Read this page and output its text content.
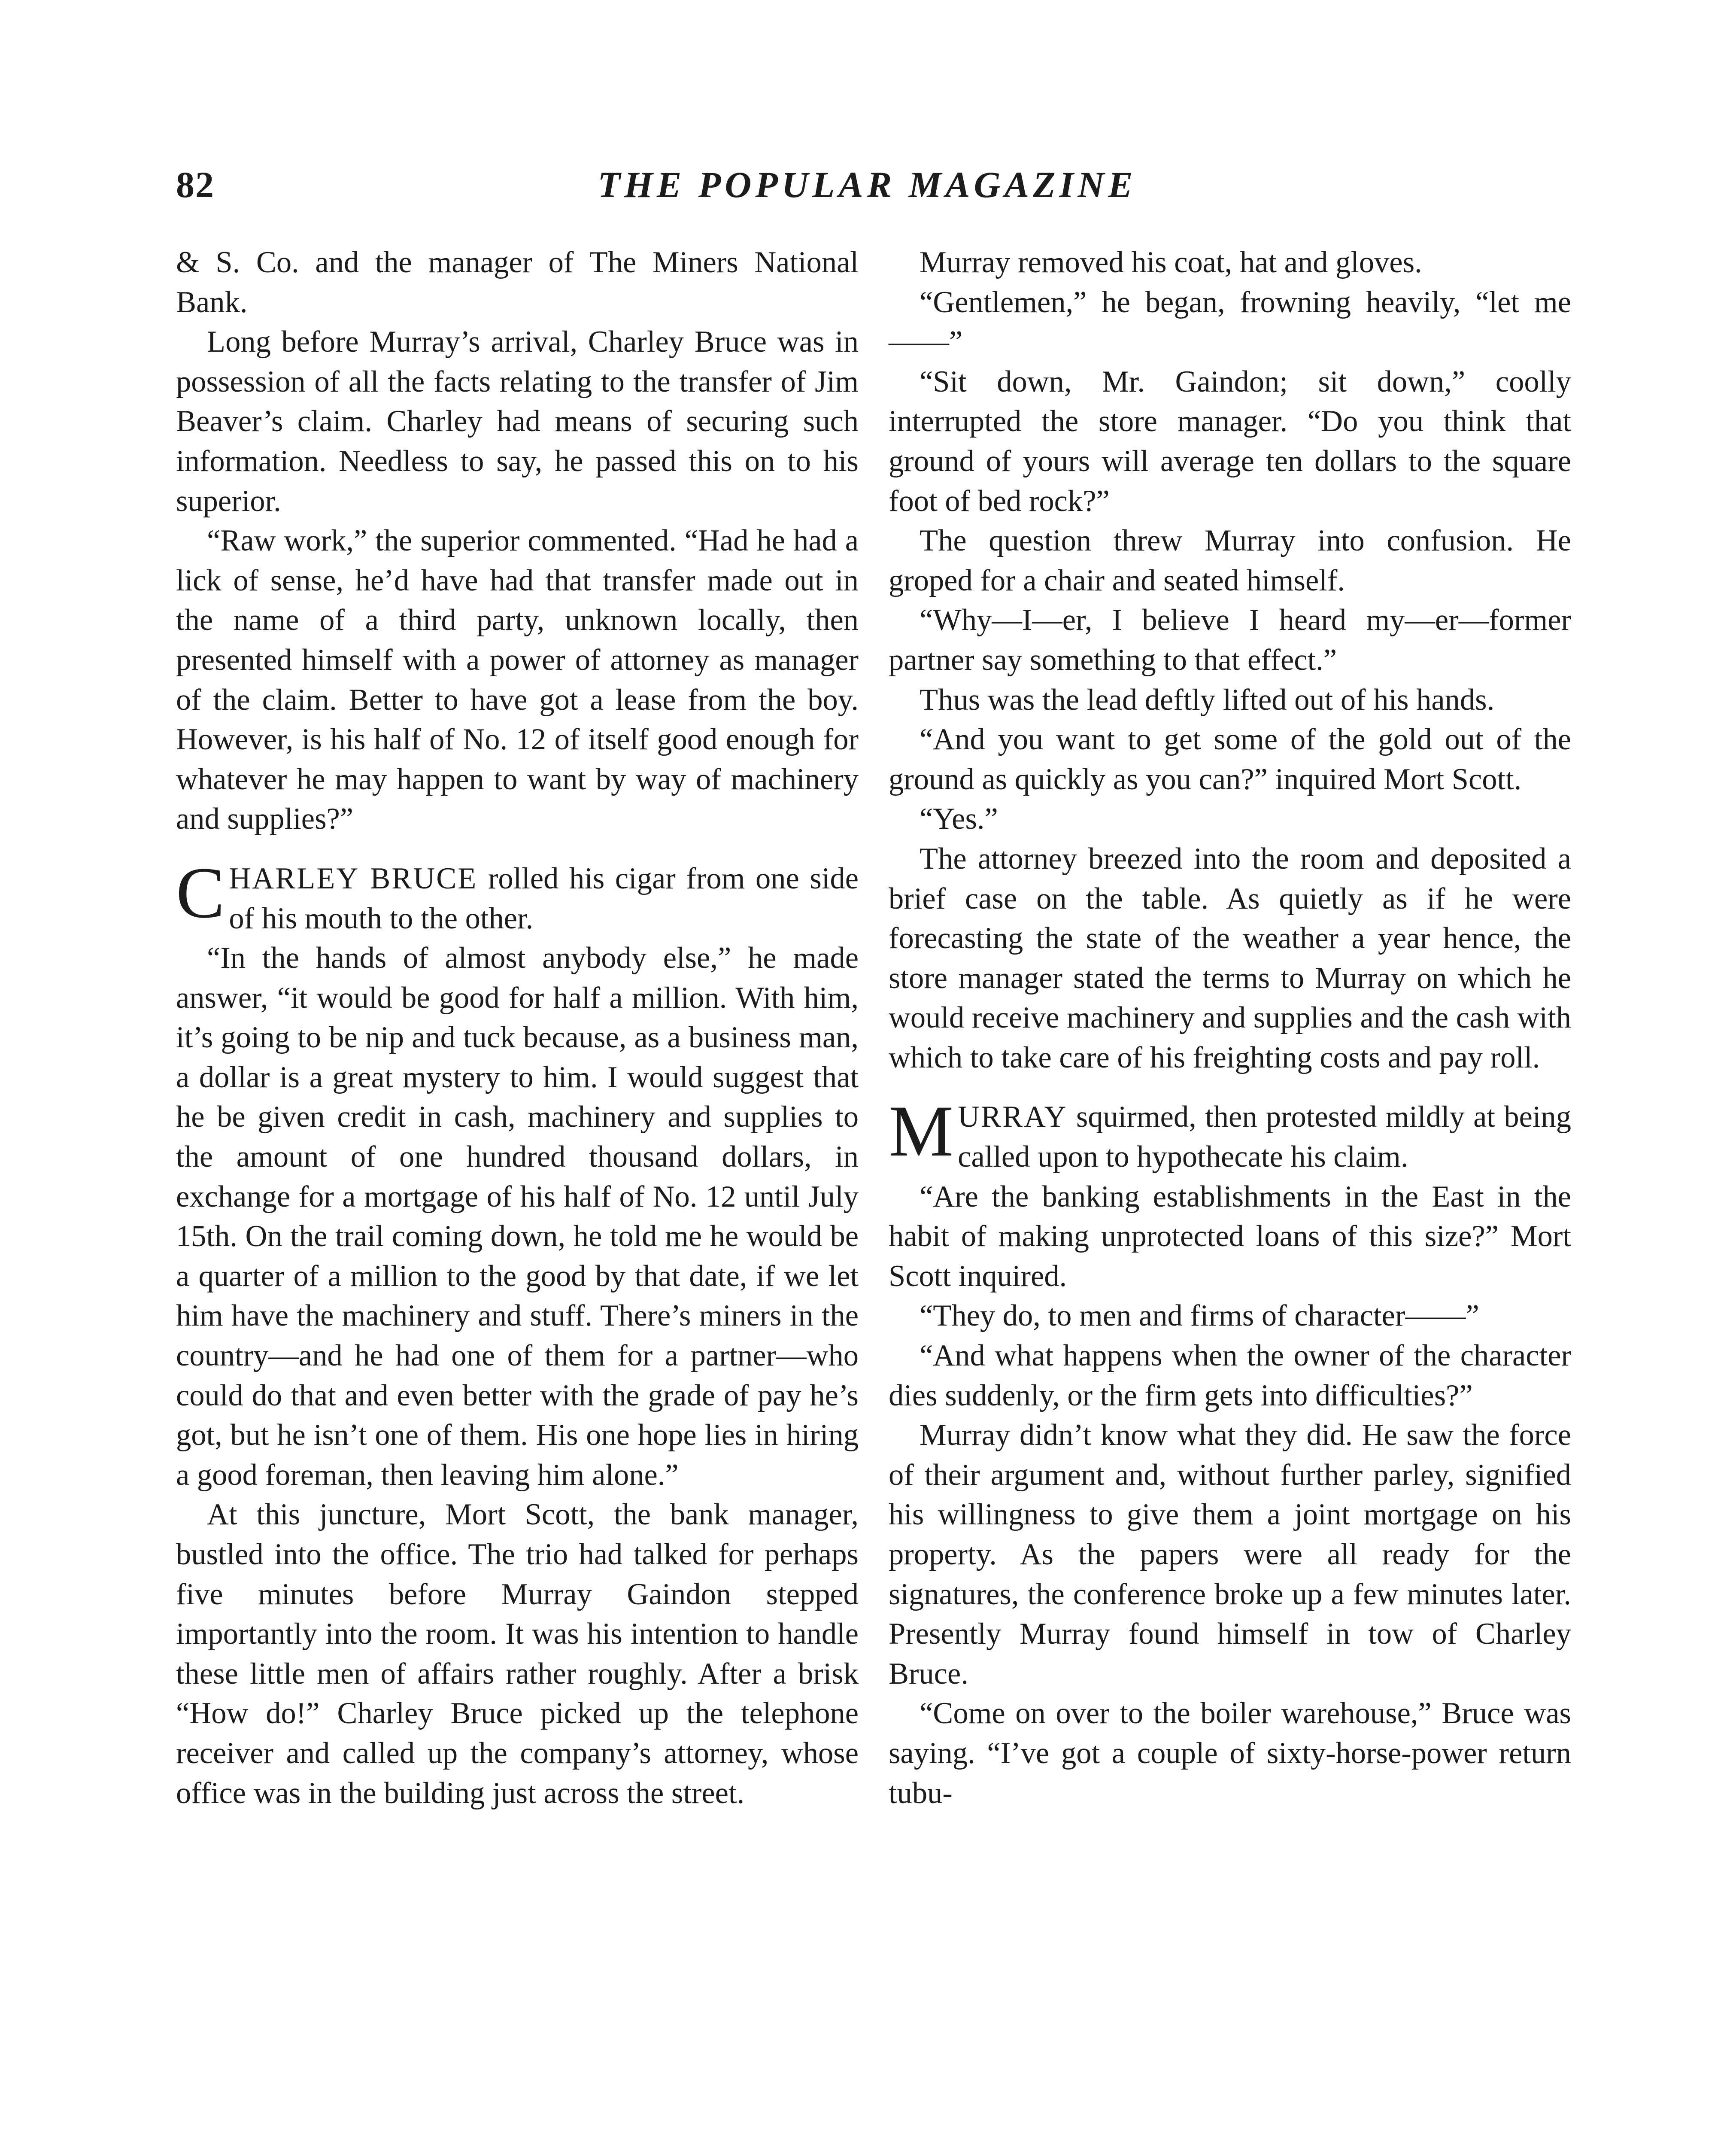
82	THE POPULAR MAGAZINE

& S. Co. and the manager of The Miners National Bank.

Long before Murray’s arrival, Charley Bruce was in possession of all the facts relating to the transfer of Jim Beaver’s claim. Charley had means of securing such information. Needless to say, he passed this on to his superior.

“Raw work,” the superior commented. “Had he had a lick of sense, he’d have had that transfer made out in the name of a third party, unknown locally, then presented himself with a power of attorney as manager of the claim. Better to have got a lease from the boy. However, is his half of No. 12 of itself good enough for whatever he may happen to want by way of machinery and supplies?”

CHARLEY BRUCE rolled his cigar from one side of his mouth to the other.

“In the hands of almost anybody else,” he made answer, “it would be good for half a million. With him, it’s going to be nip and tuck because, as a business man, a dollar is a great mystery to him. I would suggest that he be given credit in cash, machinery and supplies to the amount of one hundred thousand dollars, in exchange for a mortgage of his half of No. 12 until July 15th. On the trail coming down, he told me he would be a quarter of a million to the good by that date, if we let him have the machinery and stuff. There’s miners in the country—and he had one of them for a partner—who could do that and even better with the grade of pay he’s got, but he isn’t one of them. His one hope lies in hiring a good foreman, then leaving him alone.”

At this juncture, Mort Scott, the bank manager, bustled into the office. The trio had talked for perhaps five minutes before Murray Gaindon stepped importantly into the room. It was his intention to handle these little men of affairs rather roughly. After a brisk “How do!” Charley Bruce picked up the telephone receiver and called up the company’s attorney, whose office was in the building just across the street.

Murray removed his coat, hat and gloves.

“Gentlemen,” he began, frowning heavily, “let me——”

“Sit down, Mr. Gaindon; sit down,” coolly interrupted the store manager. “Do you think that ground of yours will average ten dollars to the square foot of bed rock?”

The question threw Murray into confusion. He groped for a chair and seated himself.

“Why—I—er, I believe I heard my—er—former partner say something to that effect.”

Thus was the lead deftly lifted out of his hands.

“And you want to get some of the gold out of the ground as quickly as you can?” inquired Mort Scott.

“Yes.”

The attorney breezed into the room and deposited a brief case on the table. As quietly as if he were forecasting the state of the weather a year hence, the store manager stated the terms to Murray on which he would receive machinery and supplies and the cash with which to take care of his freighting costs and pay roll.

MURRAY squirmed, then protested mildly at being called upon to hypothecate his claim.

“Are the banking establishments in the East in the habit of making unprotected loans of this size?” Mort Scott inquired.

“They do, to men and firms of character——”

“And what happens when the owner of the character dies suddenly, or the firm gets into difficulties?”

Murray didn’t know what they did. He saw the force of their argument and, without further parley, signified his willingness to give them a joint mortgage on his property. As the papers were all ready for the signatures, the conference broke up a few minutes later. Presently Murray found himself in tow of Charley Bruce.

“Come on over to the boiler warehouse,” Bruce was saying. “I’ve got a couple of sixty-horse-power return tubu-
